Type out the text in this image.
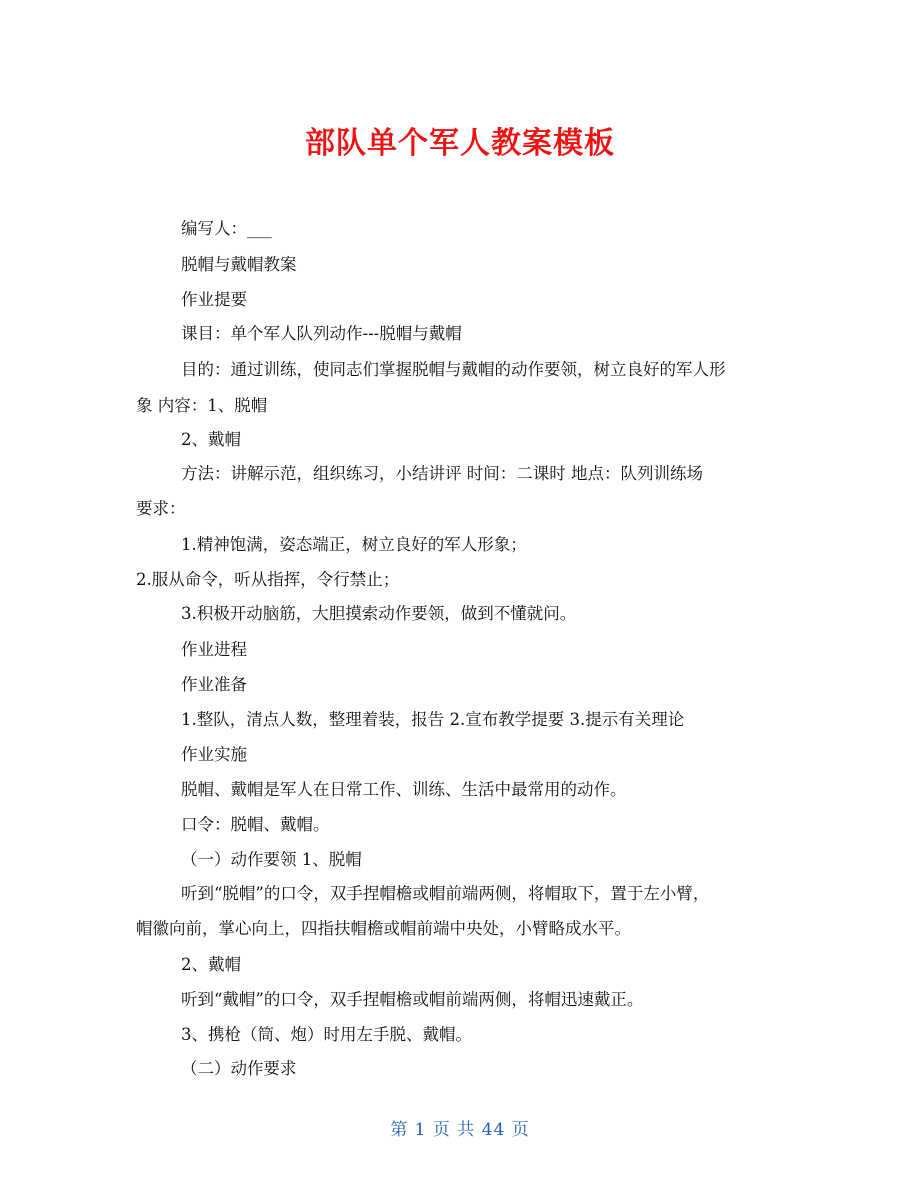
部队单个军人教案模板
编写人：___
脱帽与戴帽教案
作业提要
课目：单个军人队列动作---脱帽与戴帽
目的：通过训练，使同志们掌握脱帽与戴帽的动作要领，树立良好的军人形
象 内容：1、脱帽
2、戴帽
方法：讲解示范，组织练习，小结讲评 时间：二课时 地点：队列训练场
要求：
1.精神饱满，姿态端正，树立良好的军人形象；
2.服从命令，听从指挥，令行禁止；
3.积极开动脑筋，大胆摸索动作要领，做到不懂就问。
作业进程
作业准备
1.整队，清点人数，整理着装，报告 2.宣布教学提要 3.提示有关理论
作业实施
脱帽、戴帽是军人在日常工作、训练、生活中最常用的动作。
口令：脱帽、戴帽。
（一）动作要领 1、脱帽
听到“脱帽”的口令，双手捏帽檐或帽前端两侧，将帽取下，置于左小臂，
帽徽向前，掌心向上，四指扶帽檐或帽前端中央处，小臂略成水平。
2、戴帽
听到“戴帽”的口令，双手捏帽檐或帽前端两侧，将帽迅速戴正。
3、携枪（筒、炮）时用左手脱、戴帽。
（二）动作要求
第 1 页 共 44 页
